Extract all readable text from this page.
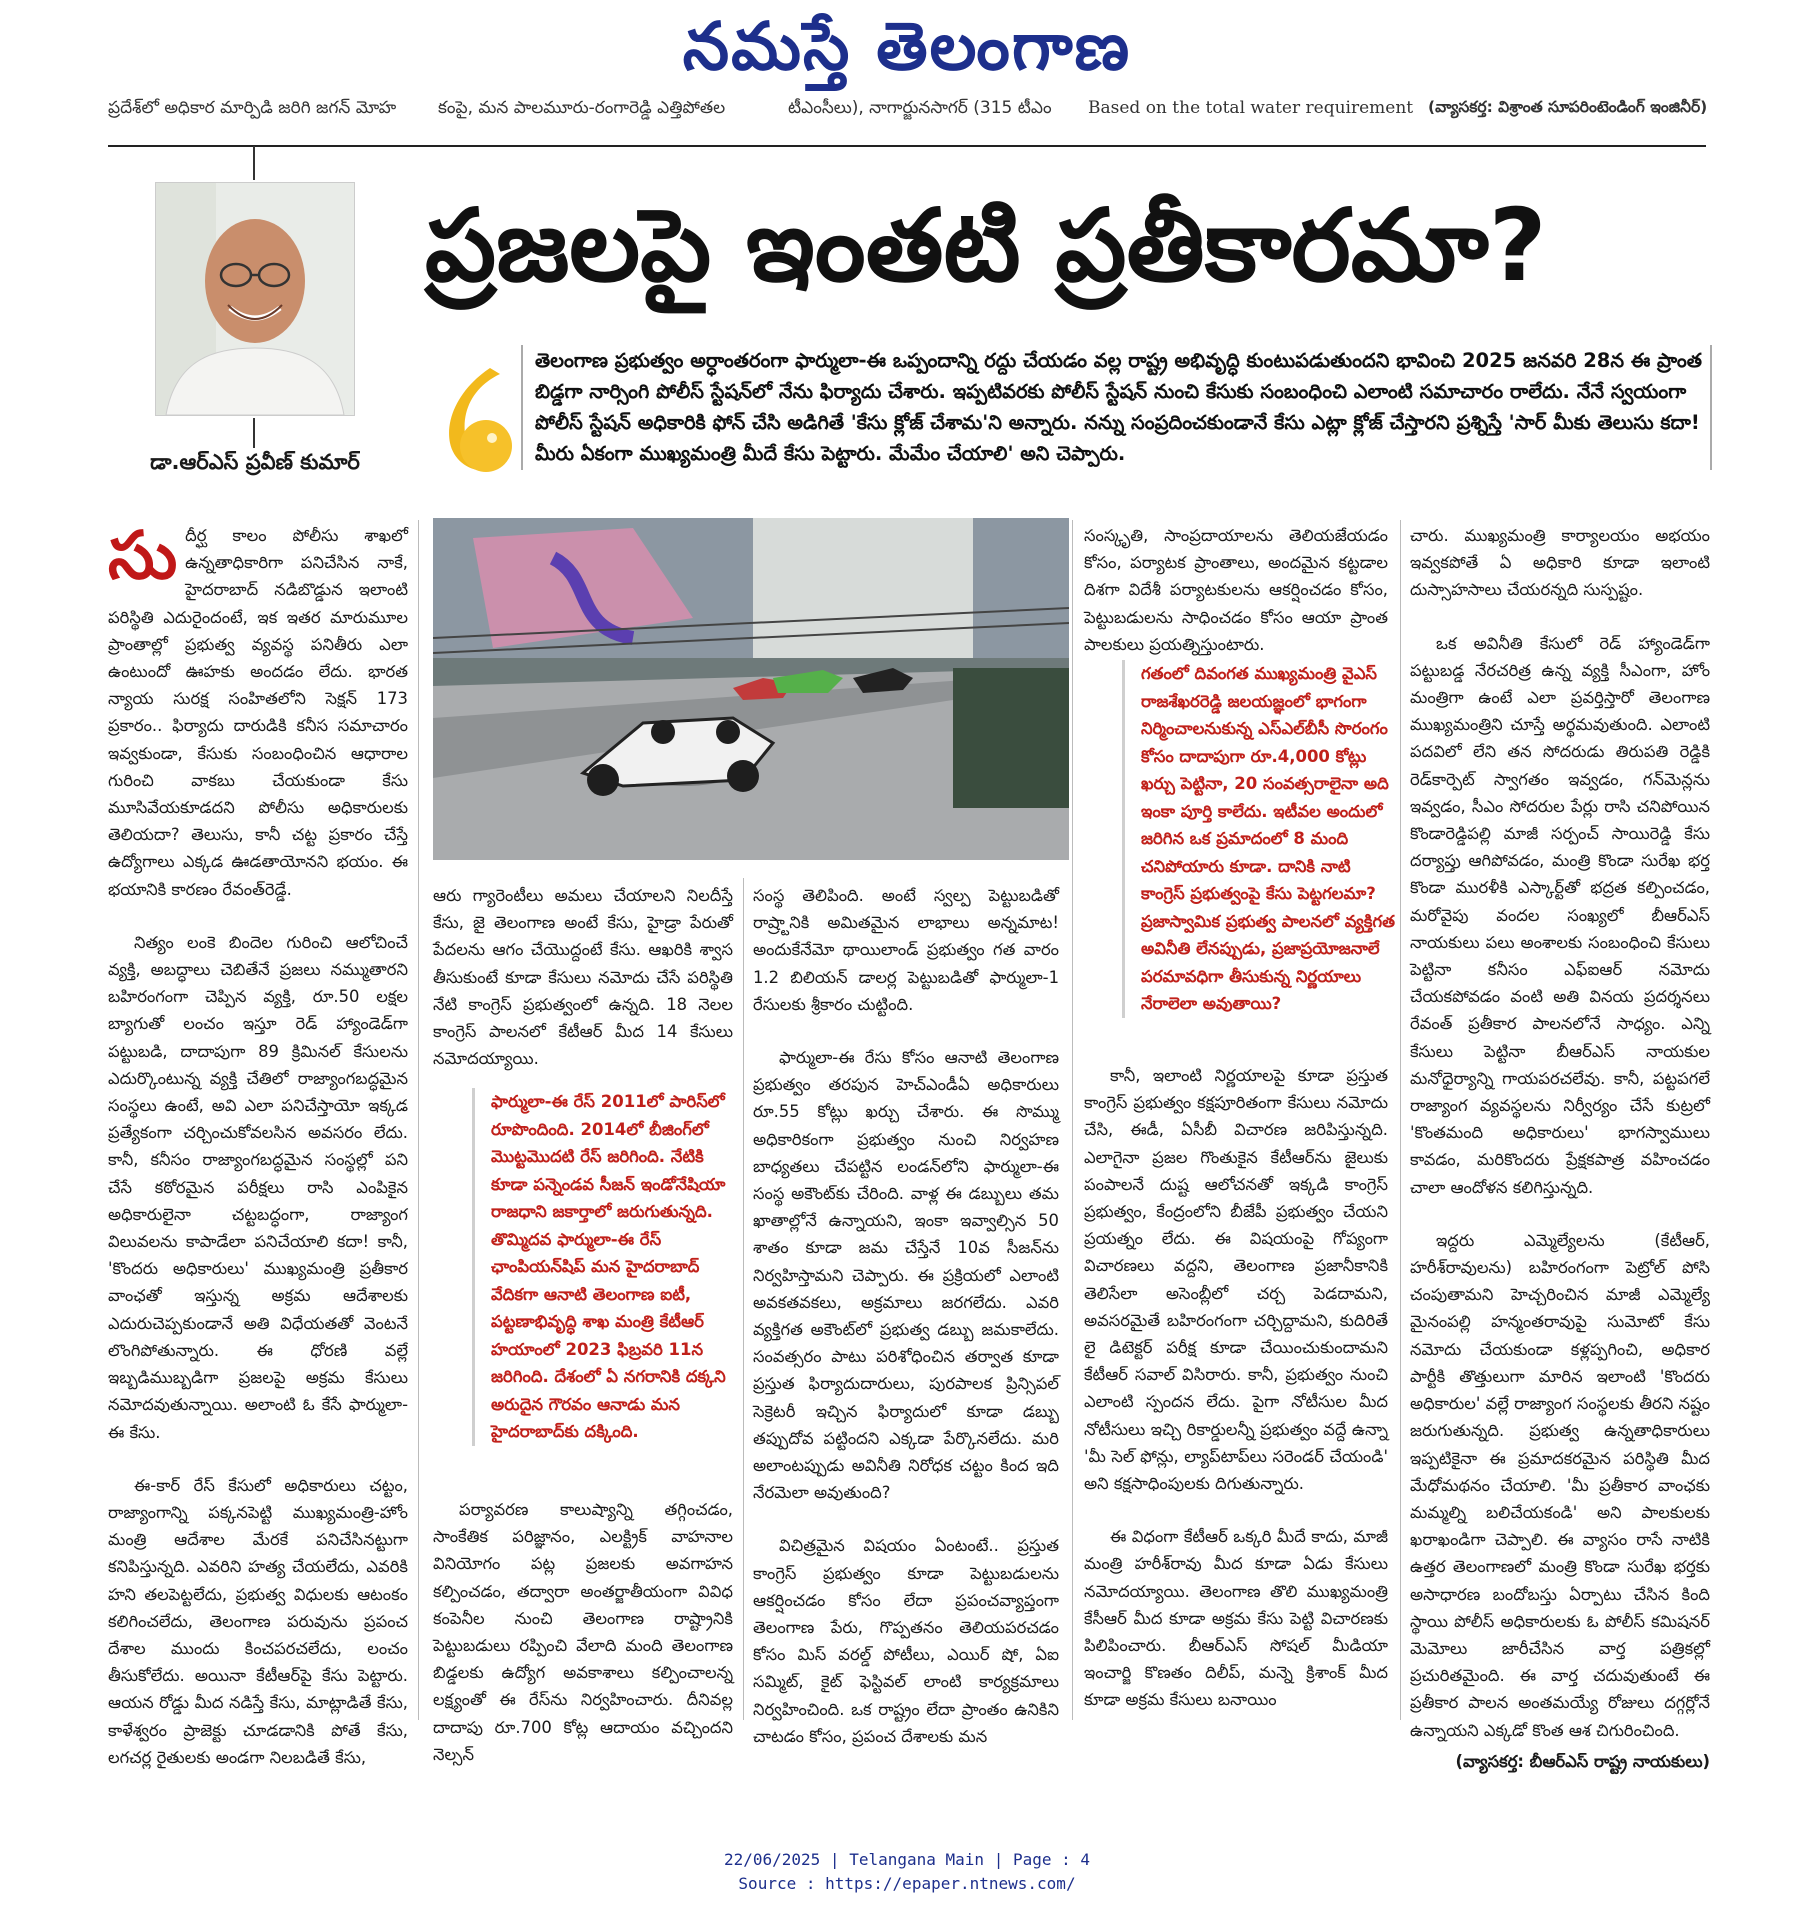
నమస్తే తెలంగాణ
ప్రదేశ్‌లో అధికార మార్పిడి జరిగి జగన్ మోహ కంపై, మన పాలమూరు-రంగారెడ్డి ఎత్తిపోతల	టీఎంసీలు), నాగార్జునసాగర్ (315 టీఎం Based on the total water requirement (వ్యాసకర్త: విశ్రాంత సూపరింటెండింగ్ ఇంజినీర్)
డా.ఆర్ఎస్ ప్రవీణ్ కుమార్
ప్రజలపై ఇంతటి ప్రతీకారమా?
తెలంగాణ ప్రభుత్వం అర్ధాంతరంగా ఫార్ములా-ఈ ఒప్పందాన్ని రద్దు చేయడం వల్ల రాష్ట్ర అభివృద్ధి కుంటుపడుతుందని భావించి 2025 జనవరి 28న ఈ ప్రాంత బిడ్డగా నార్సింగి పోలీస్ స్టేషన్‌లో నేను ఫిర్యాదు చేశారు. ఇప్పటివరకు పోలీస్ స్టేషన్ నుంచి కేసుకు సంబంధించి ఎలాంటి సమాచారం రాలేదు. నేనే స్వయంగా పోలీస్ స్టేషన్ అధికారికి ఫోన్ చేసి అడిగితే 'కేసు క్లోజ్ చేశామ'ని అన్నారు. నన్ను సంప్రదించకుండానే కేసు ఎట్లా క్లోజ్ చేస్తారని ప్రశ్నిస్తే 'సార్ మీకు తెలుసు కదా! మీరు ఏకంగా ముఖ్యమంత్రి మీదే కేసు పెట్టారు. మేమేం చేయాలి' అని చెప్పారు.

సుదీర్ఘ కాలం పోలీసు శాఖలో ఉన్నతాధికారిగా పనిచేసిన నాకే, హైదరాబాద్ నడిబొడ్డున ఇలాంటి పరిస్థితి ఎదురైందంటే, ఇక ఇతర మారుమూల ప్రాంతాల్లో ప్రభుత్వ వ్యవస్థ పనితీరు ఎలా ఉంటుందో ఊహకు అందడం లేదు. భారత న్యాయ సురక్ష సంహితలోని సెక్షన్ 173 ప్రకారం.. ఫిర్యాదు దారుడికి కనీస సమాచారం ఇవ్వకుండా, కేసుకు సంబంధించిన ఆధారాల గురించి వాకబు చేయకుండా కేసు మూసివేయకూడదని పోలీసు అధికారులకు తెలియదా? తెలుసు, కానీ చట్ట ప్రకారం చేస్తే ఉద్యోగాలు ఎక్కడ ఊడతాయోనని భయం. ఈ భయానికి కారణం రేవంత్‌రెడ్డే.

నిత్యం లంకె బిందెల గురించి ఆలోచించే వ్యక్తి, అబద్ధాలు చెబితేనే ప్రజలు నమ్ముతారని బహిరంగంగా చెప్పిన వ్యక్తి, రూ.50 లక్షల బ్యాగుతో లంచం ఇస్తూ రెడ్ హ్యాండెడ్‌గా పట్టుబడి, దాదాపుగా 89 క్రిమినల్ కేసులను ఎదుర్కొంటున్న వ్యక్తి చేతిలో రాజ్యాంగబద్ధమైన సంస్థలు ఉంటే, అవి ఎలా పనిచేస్తాయో ఇక్కడ ప్రత్యేకంగా చర్చించుకోవలసిన అవసరం లేదు. కానీ, కనీసం రాజ్యాంగబద్ధమైన సంస్థల్లో పని చేసే కఠోరమైన పరీక్షలు రాసి ఎంపికైన అధికారులైనా చట్టబద్ధంగా, రాజ్యాంగ విలువలను కాపాడేలా పనిచేయాలి కదా! కానీ, 'కొందరు అధికారులు' ముఖ్యమంత్రి ప్రతీకార వాంఛతో ఇస్తున్న అక్రమ ఆదేశాలకు ఎదురుచెప్పకుండానే అతి విధేయతతో వెంటనే లొంగిపోతున్నారు. ఈ ధోరణి వల్లే ఇబ్బడిముబ్బడిగా ప్రజలపై అక్రమ కేసులు నమోదవుతున్నాయి. అలాంటి ఓ కేసే ఫార్ములా-ఈ కేసు.

ఈ-కార్ రేస్ కేసులో అధికారులు చట్టం, రాజ్యాంగాన్ని పక్కనపెట్టి ముఖ్యమంత్రి-హోం మంత్రి ఆదేశాల మేరకే పనిచేసినట్టుగా కనిపిస్తున్నది. ఎవరిని హత్య చేయలేదు, ఎవరికి హని తలపెట్టలేదు, ప్రభుత్వ విధులకు ఆటంకం కలిగించలేదు, తెలంగాణ పరువును ప్రపంచ దేశాల ముందు కించపరచలేదు, లంచం తీసుకోలేదు. అయినా కేటీఆర్‌పై కేసు పెట్టారు. ఆయన రోడ్డు మీద నడిస్తే కేసు, మాట్లాడితే కేసు, కాళేశ్వరం ప్రాజెక్టు చూడడానికి పోతే కేసు, లగచర్ల రైతులకు అండగా నిలబడితే కేసు,

ఆరు గ్యారెంటీలు అమలు చేయాలని నిలదీస్తే కేసు, జై తెలంగాణ అంటే కేసు, హైడ్రా పేరుతో పేదలను ఆగం చేయొద్దంటే కేసు. ఆఖరికి శ్వాస తీసుకుంటే కూడా కేసులు నమోదు చేసే పరిస్థితి నేటి కాంగ్రెస్ ప్రభుత్వంలో ఉన్నది. 18 నెలల కాంగ్రెస్ పాలనలో కేటీఆర్ మీద 14 కేసులు నమోదయ్యాయి.

ఫార్ములా-ఈ రేస్ 2011లో పారిస్‌లో రూపొందింది. 2014లో బీజింగ్‌లో మొట్టమొదటి రేస్ జరిగింది. నేటికి కూడా పన్నెండవ సీజన్ ఇండోనేషియా రాజధాని జకార్తాలో జరుగుతున్నది. తొమ్మిదవ ఫార్ములా-ఈ రేస్ ఛాంపియన్‌షిప్ మన హైదరాబాద్ వేదికగా ఆనాటి తెలంగాణ ఐటీ, పట్టణాభివృద్ధి శాఖ మంత్రి కేటీఆర్ హయాంలో 2023 ఫిబ్రవరి 11న జరిగింది. దేశంలో ఏ నగరానికి దక్కని అరుదైన గౌరవం ఆనాడు మన హైదరాబాద్‌కు దక్కింది.

పర్యావరణ కాలుష్యాన్ని తగ్గించడం, సాంకేతిక పరిజ్ఞానం, ఎలక్ట్రిక్ వాహనాల వినియోగం పట్ల ప్రజలకు అవగాహన కల్పించడం, తద్వారా అంతర్జాతీయంగా వివిధ కంపెనీల నుంచి తెలంగాణ రాష్ట్రానికి పెట్టుబడులు రప్పించి వేలాది మంది తెలంగాణ బిడ్డలకు ఉద్యోగ అవకాశాలు కల్పించాలన్న లక్ష్యంతో ఈ రేస్‌ను నిర్వహించారు. దీనివల్ల దాదాపు రూ.700 కోట్ల ఆదాయం వచ్చిందని నెల్సన్

సంస్థ తెలిపింది. అంటే స్వల్ప పెట్టుబడితో రాష్ర్టానికి అమితమైన లాభాలు అన్నమాట! అందుకేనేమో థాయిలాండ్ ప్రభుత్వం గత వారం 1.2 బిలియన్ డాలర్ల పెట్టుబడితో ఫార్ములా-1 రేసులకు శ్రీకారం చుట్టింది.

ఫార్ములా-ఈ రేసు కోసం ఆనాటి తెలంగాణ ప్రభుత్వం తరపున హెచ్ఎండీఏ అధికారులు రూ.55 కోట్లు ఖర్చు చేశారు. ఈ సొమ్ము అధికారికంగా ప్రభుత్వం నుంచి నిర్వహణ బాధ్యతలు చేపట్టిన లండన్‌లోని ఫార్ములా-ఈ సంస్థ అకౌంట్‌కు చేరింది. వాళ్ల ఈ డబ్బులు తమ ఖాతాల్లోనే ఉన్నాయని, ఇంకా ఇవ్వాల్సిన 50 శాతం కూడా జమ చేస్తేనే 10వ సీజన్‌ను నిర్వహిస్తామని చెప్పారు. ఈ ప్రక్రియలో ఎలాంటి అవకతవకలు, అక్రమాలు జరగలేదు. ఎవరి వ్యక్తిగత అకౌంట్‌లో ప్రభుత్వ డబ్బు జమకాలేదు. సంవత్సరం పాటు పరిశోధించిన తర్వాత కూడా ప్రస్తుత ఫిర్యాదుదారులు, పురపాలక ప్రిన్సిపల్ సెక్రెటరీ ఇచ్చిన ఫిర్యాదులో కూడా డబ్బు తప్పుదోవ పట్టిందని ఎక్కడా పేర్కొనలేదు. మరి అలాంటప్పుడు అవినీతి నిరోధక చట్టం కింద ఇది నేరమెలా అవుతుంది?

విచిత్రమైన విషయం ఏంటంటే.. ప్రస్తుత కాంగ్రెస్ ప్రభుత్వం కూడా పెట్టుబడులను ఆకర్షించడం కోసం లేదా ప్రపంచవ్యాప్తంగా తెలంగాణ పేరు, గొప్పతనం తెలియపరచడం కోసం మిస్ వరల్డ్ పోటీలు, ఎయిర్ షో, ఏఐ సమ్మిట్, కైట్ ఫెస్టివల్ లాంటి కార్యక్రమాలు నిర్వహించింది. ఒక రాష్ట్రం లేదా ప్రాంతం ఉనికిని చాటడం కోసం, ప్రపంచ దేశాలకు మన

సంస్కృతి, సాంప్రదాయాలను తెలియజేయడం కోసం, పర్యాటక ప్రాంతాలు, అందమైన కట్టడాల దిశగా విదేశీ పర్యాటకులను ఆకర్షించడం కోసం, పెట్టుబడులను సాధించడం కోసం ఆయా ప్రాంత పాలకులు ప్రయత్నిస్తుంటారు.

గతంలో దివంగత ముఖ్యమంత్రి వైఎస్ రాజశేఖరరెడ్డి జలయజ్ఞంలో భాగంగా నిర్మించాలనుకున్న ఎస్ఎల్‌బీసీ సొరంగం కోసం దాదాపుగా రూ.4,000 కోట్లు ఖర్చు పెట్టినా, 20 సంవత్సరాలైనా అది ఇంకా పూర్తి కాలేదు. ఇటీవల అందులో జరిగిన ఒక ప్రమాదంలో 8 మంది చనిపోయారు కూడా. దానికి నాటి కాంగ్రెస్ ప్రభుత్వంపై కేసు పెట్టగలమా? ప్రజాస్వామిక ప్రభుత్వ పాలనలో వ్యక్తిగత అవినీతి లేనప్పుడు, ప్రజాప్రయోజనాలే పరమావధిగా తీసుకున్న నిర్ణయాలు నేరాలెలా అవుతాయి?

కానీ, ఇలాంటి నిర్ణయాలపై కూడా ప్రస్తుత కాంగ్రెస్ ప్రభుత్వం కక్షపూరితంగా కేసులు నమోదు చేసి, ఈడీ, ఏసీబీ విచారణ జరిపిస్తున్నది. ఎలాగైనా ప్రజల గొంతుకైన కేటీఆర్‌ను జైలుకు పంపాలనే దుష్ట ఆలోచనతో ఇక్కడి కాంగ్రెస్ ప్రభుత్వం, కేంద్రంలోని బీజేపీ ప్రభుత్వం చేయని ప్రయత్నం లేదు. ఈ విషయంపై గోప్యంగా విచారణలు వద్దని, తెలంగాణ ప్రజానీకానికి తెలిసేలా అసెంబ్లీలో చర్చ పెడదామని, అవసరమైతే బహిరంగంగా చర్చిద్దామని, కుదిరితే లై డిటెక్టర్ పరీక్ష కూడా చేయించుకుందామని కేటీఆర్ సవాల్ విసిరారు. కానీ, ప్రభుత్వం నుంచి ఎలాంటి స్పందన లేదు. పైగా నోటీసుల మీద నోటీసులు ఇచ్చి రికార్డులన్నీ ప్రభుత్వం వద్దే ఉన్నా 'మీ సెల్ ఫోన్లు, ల్యాప్‌టాప్‌లు సరెండర్ చేయండి' అని కక్షసాధింపులకు దిగుతున్నారు.

ఈ విధంగా కేటీఆర్ ఒక్కరి మీదే కాదు, మాజీ మంత్రి హరీశ్‌రావు మీద కూడా ఏడు కేసులు నమోదయ్యాయి. తెలంగాణ తొలి ముఖ్యమంత్రి కేసీఆర్ మీద కూడా అక్రమ కేసు పెట్టి విచారణకు పిలిపించారు. బీఆర్ఎస్ సోషల్ మీడియా ఇంచార్జి కొణతం దిలీప్, మన్నె క్రిశాంక్ మీద కూడా అక్రమ కేసులు బనాయిం

చారు. ముఖ్యమంత్రి కార్యాలయం అభయం ఇవ్వకపోతే ఏ అధికారి కూడా ఇలాంటి దుస్సాహసాలు చేయరన్నది సుస్పష్టం.

ఒక అవినీతి కేసులో రెడ్ హ్యాండెడ్‌గా పట్టుబడ్డ నేరచరిత్ర ఉన్న వ్యక్తి సీఎంగా, హోం మంత్రిగా ఉంటే ఎలా ప్రవర్తిస్తారో తెలంగాణ ముఖ్యమంత్రిని చూస్తే అర్థమవుతుంది. ఎలాంటి పదవిలో లేని తన సోదరుడు తిరుపతి రెడ్డికి రెడ్‌కార్పెట్ స్వాగతం ఇవ్వడం, గన్‌మెన్లను ఇవ్వడం, సీఎం సోదరుల పేర్లు రాసి చనిపోయిన కొండారెడ్డిపల్లి మాజీ సర్పంచ్ సాయిరెడ్డి కేసు దర్యాప్తు ఆగిపోవడం, మంత్రి కొండా సురేఖ భర్త కొండా మురళీకి ఎస్కార్ట్‌తో భద్రత కల్పించడం, మరోవైపు వందల సంఖ్యలో బీఆర్ఎస్ నాయకులు పలు అంశాలకు సంబంధించి కేసులు పెట్టినా కనీసం ఎఫ్ఐఆర్ నమోదు చేయకపోవడం వంటి అతి వినయ ప్రదర్శనలు రేవంత్ ప్రతీకార పాలనలోనే సాధ్యం. ఎన్ని కేసులు పెట్టినా బీఆర్ఎస్ నాయకుల మనోధైర్యాన్ని గాయపరచలేవు. కానీ, పట్టపగలే రాజ్యాంగ వ్యవస్థలను నిర్వీర్యం చేసే కుట్రలో 'కొంతమంది అధికారులు' భాగస్వాములు కావడం, మరికొందరు ప్రేక్షకపాత్ర వహించడం చాలా ఆందోళన కలిగిస్తున్నది.

ఇద్దరు ఎమ్మెల్యేలను (కేటీఆర్, హరీశ్‌రావులను) బహిరంగంగా పెట్రోల్ పోసి చంపుతామని హెచ్చరించిన మాజీ ఎమ్మెల్యే మైనంపల్లి హన్మంతరావుపై సుమోటో కేసు నమోదు చేయకుండా కళ్లప్పగించి, అధికార పార్టీకి తొత్తులుగా మారిన ఇలాంటి 'కొందరు అధికారుల' వల్లే రాజ్యాంగ సంస్థలకు తీరని నష్టం జరుగుతున్నది. ప్రభుత్వ ఉన్నతాధికారులు ఇప్పటికైనా ఈ ప్రమాదకరమైన పరిస్థితి మీద మేధోమథనం చేయాలి. 'మీ ప్రతీకార వాంఛకు మమ్మల్ని బలిచేయకండి' అని పాలకులకు ఖరాఖండిగా చెప్పాలి. ఈ వ్యాసం రాసే నాటికి ఉత్తర తెలంగాణలో మంత్రి కొండా సురేఖ భర్తకు అసాధారణ బందోబస్తు ఏర్పాటు చేసిన కింది స్థాయి పోలీస్ అధికారులకు ఓ పోలీస్ కమిషనర్ మెమోలు జారీచేసిన వార్త పత్రికల్లో ప్రచురితమైంది. ఈ వార్త చదువుతుంటే ఈ ప్రతీకార పాలన అంతమయ్యే రోజులు దగ్గర్లోనే ఉన్నాయని ఎక్కడో కొంత ఆశ చిగురించింది.

(వ్యాసకర్త: బీఆర్ఎస్ రాష్ట్ర నాయకులు)
22/06/2025 | Telangana Main | Page : 4
Source : https://epaper.ntnews.com/
